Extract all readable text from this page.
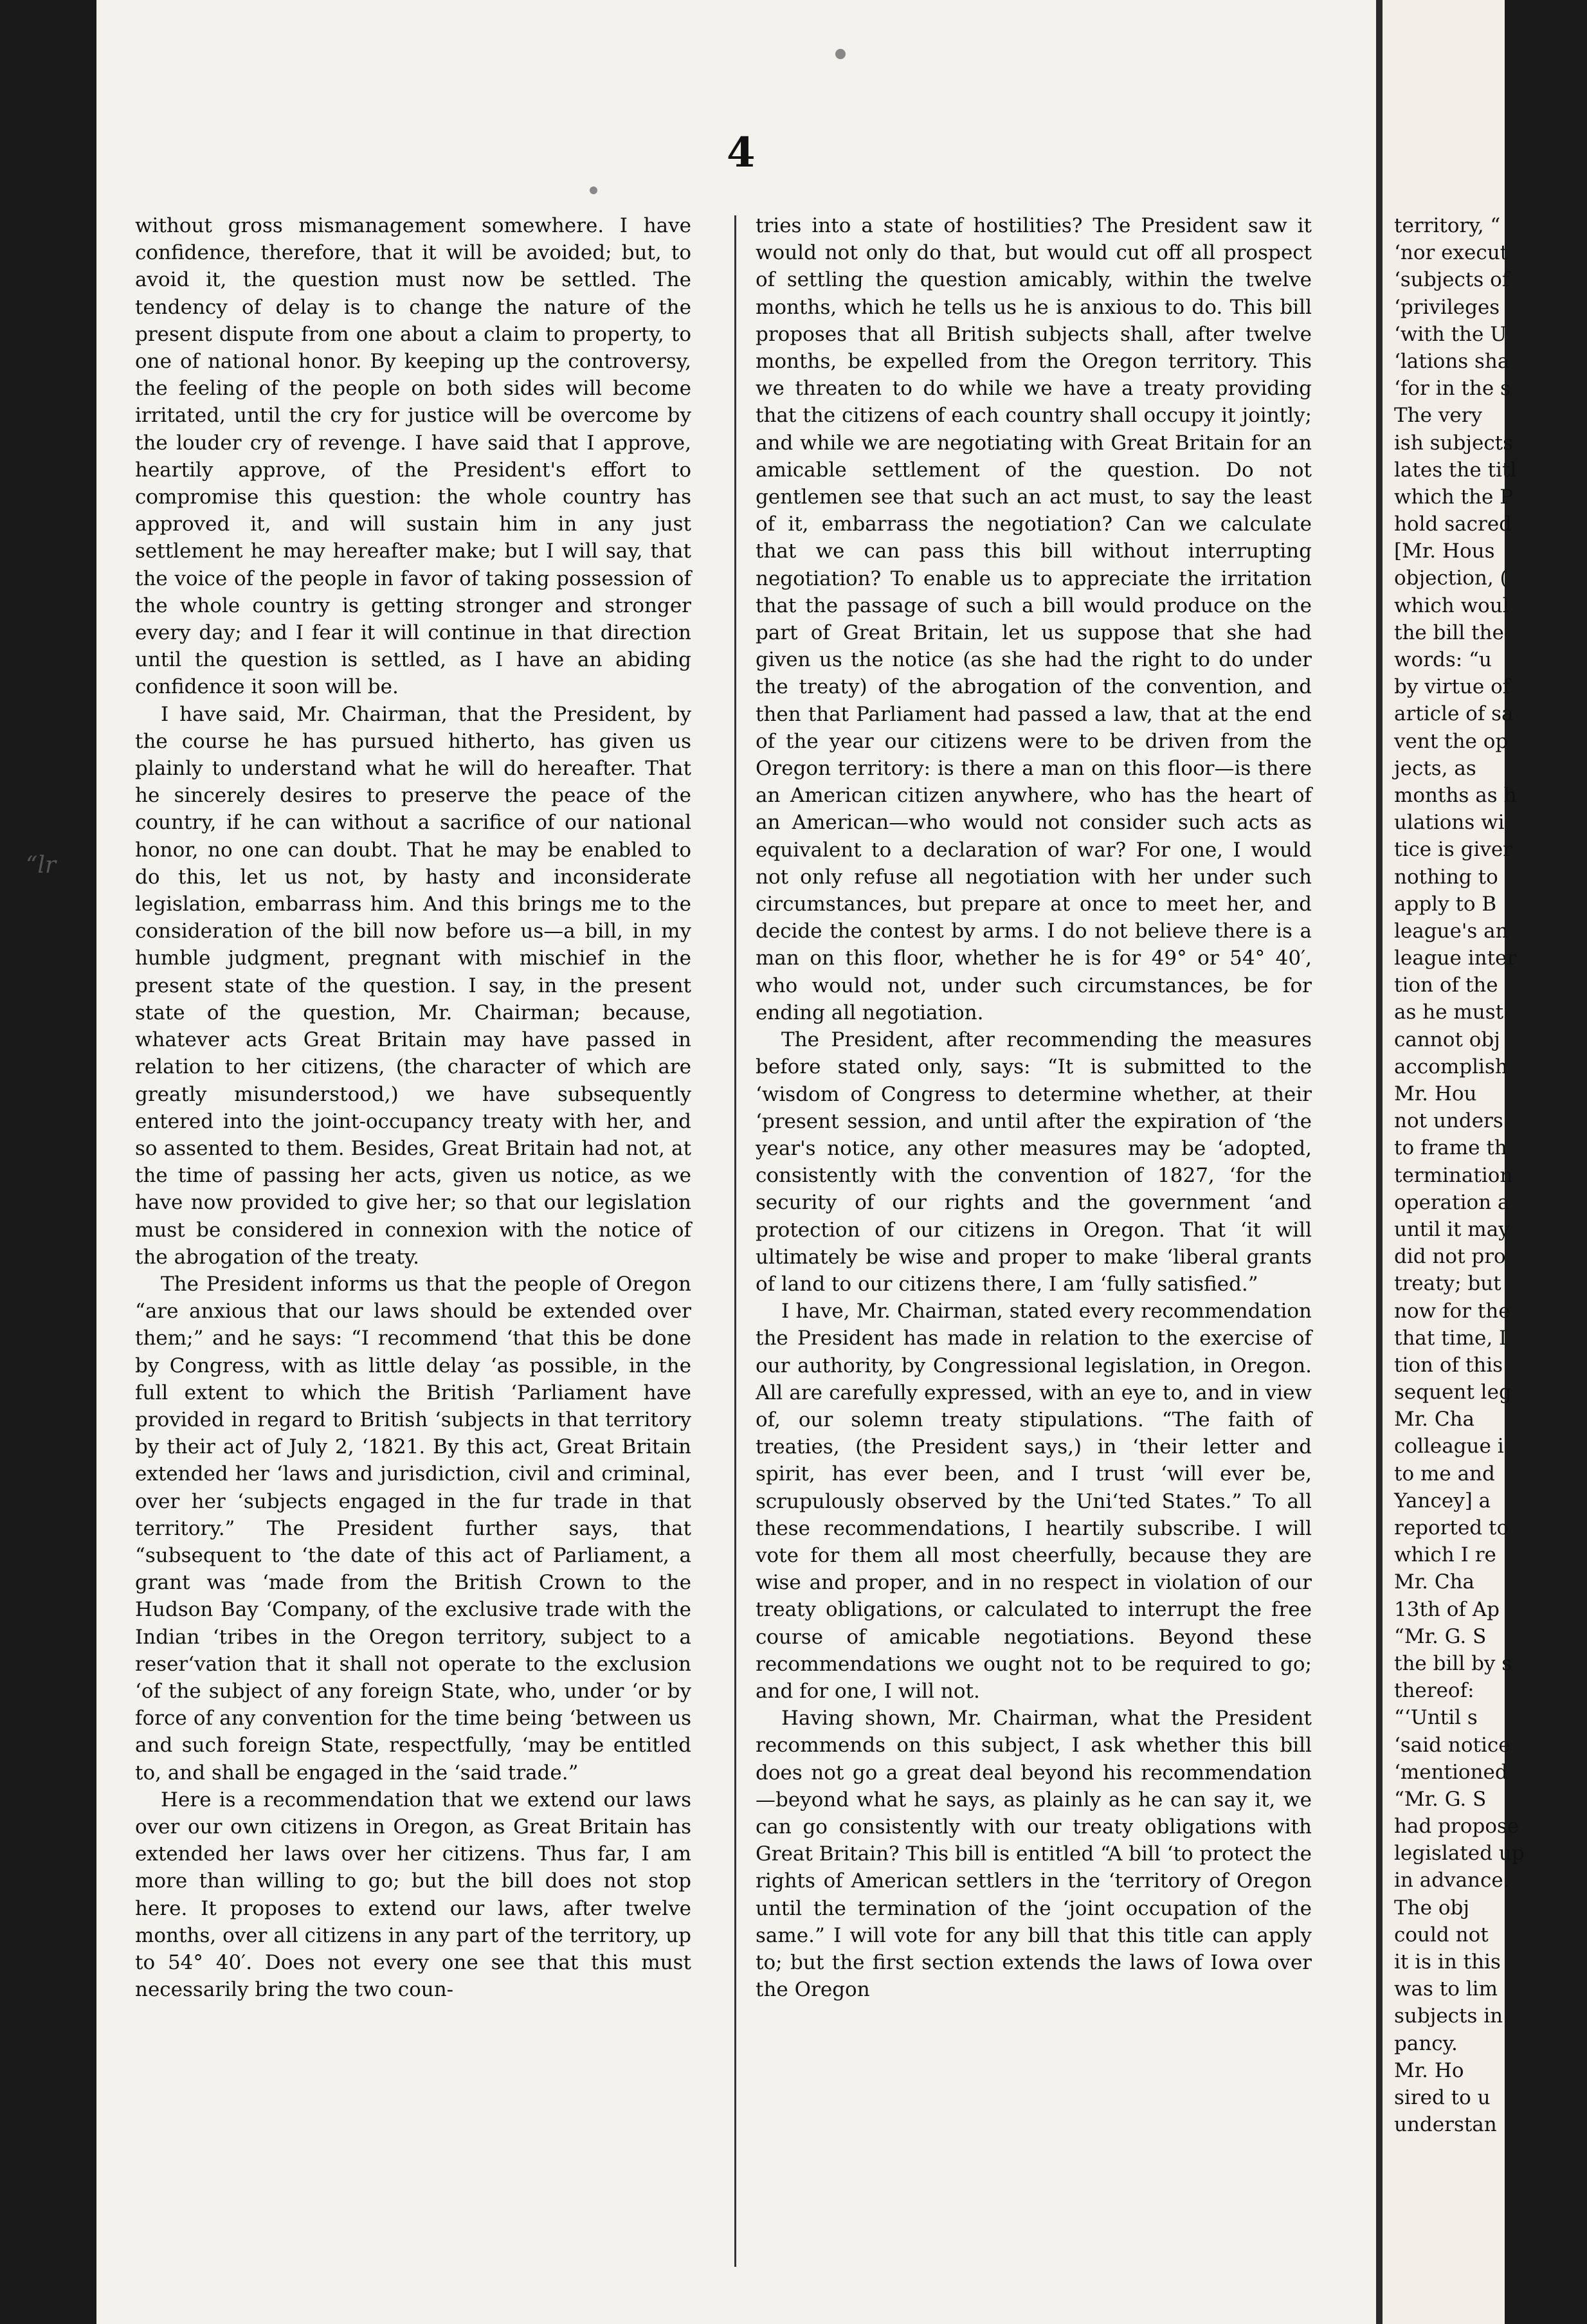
“lr
4

without gross mismanagement somewhere. I have confidence, therefore, that it will be avoided; but, to avoid it, the question must now be settled. The tendency of delay is to change the nature of the present dispute from one about a claim to property, to one of national honor. By keeping up the controversy, the feeling of the people on both sides will become irritated, until the cry for justice will be overcome by the louder cry of revenge. I have said that I approve, heartily approve, of the President's effort to compromise this question: the whole country has approved it, and will sustain him in any just settlement he may hereafter make; but I will say, that the voice of the people in favor of taking possession of the whole country is getting stronger and stronger every day; and I fear it will continue in that direction until the question is settled, as I have an abiding confidence it soon will be.

I have said, Mr. Chairman, that the President, by the course he has pursued hitherto, has given us plainly to understand what he will do hereafter. That he sincerely desires to preserve the peace of the country, if he can without a sacrifice of our national honor, no one can doubt. That he may be enabled to do this, let us not, by hasty and inconsiderate legislation, embarrass him. And this brings me to the consideration of the bill now before us—a bill, in my humble judgment, pregnant with mischief in the present state of the question. I say, in the present state of the question, Mr. Chairman; because, whatever acts Great Britain may have passed in relation to her citizens, (the character of which are greatly misunderstood,) we have subsequently entered into the joint-occupancy treaty with her, and so assented to them. Besides, Great Britain had not, at the time of passing her acts, given us notice, as we have now provided to give her; so that our legislation must be considered in connexion with the notice of the abrogation of the treaty.

The President informs us that the people of Oregon “are anxious that our laws should be extended over them;” and he says: “I recommend ‘that this be done by Congress, with as little delay ‘as possible, in the full extent to which the British ‘Parliament have provided in regard to British ‘subjects in that territory by their act of July 2, ‘1821. By this act, Great Britain extended her ‘laws and jurisdiction, civil and criminal, over her ‘subjects engaged in the fur trade in that territory.” The President further says, that “subsequent to ‘the date of this act of Parliament, a grant was ‘made from the British Crown to the Hudson Bay ‘Company, of the exclusive trade with the Indian ‘tribes in the Oregon territory, subject to a reser‘vation that it shall not operate to the exclusion ‘of the subject of any foreign State, who, under ‘or by force of any convention for the time being ‘between us and such foreign State, respectfully, ‘may be entitled to, and shall be engaged in the ‘said trade.”

Here is a recommendation that we extend our laws over our own citizens in Oregon, as Great Britain has extended her laws over her citizens. Thus far, I am more than willing to go; but the bill does not stop here. It proposes to extend our laws, after twelve months, over all citizens in any part of the territory, up to 54° 40′. Does not every one see that this must necessarily bring the two coun-

tries into a state of hostilities? The President saw it would not only do that, but would cut off all prospect of settling the question amicably, within the twelve months, which he tells us he is anxious to do. This bill proposes that all British subjects shall, after twelve months, be expelled from the Oregon territory. This we threaten to do while we have a treaty providing that the citizens of each country shall occupy it jointly; and while we are negotiating with Great Britain for an amicable settlement of the question. Do not gentlemen see that such an act must, to say the least of it, embarrass the negotiation? Can we calculate that we can pass this bill without interrupting negotiation? To enable us to appreciate the irritation that the passage of such a bill would produce on the part of Great Britain, let us suppose that she had given us the notice (as she had the right to do under the treaty) of the abrogation of the convention, and then that Parliament had passed a law, that at the end of the year our citizens were to be driven from the Oregon territory: is there a man on this floor—is there an American citizen anywhere, who has the heart of an American—who would not consider such acts as equivalent to a declaration of war? For one, I would not only refuse all negotiation with her under such circumstances, but prepare at once to meet her, and decide the contest by arms. I do not believe there is a man on this floor, whether he is for 49° or 54° 40′, who would not, under such circumstances, be for ending all negotiation.

The President, after recommending the measures before stated only, says: “It is submitted to the ‘wisdom of Congress to determine whether, at their ‘present session, and until after the expiration of ‘the year's notice, any other measures may be ‘adopted, consistently with the convention of 1827, ‘for the security of our rights and the government ‘and protection of our citizens in Oregon. That ‘it will ultimately be wise and proper to make ‘liberal grants of land to our citizens there, I am ‘fully satisfied.”

I have, Mr. Chairman, stated every recommendation the President has made in relation to the exercise of our authority, by Congressional legislation, in Oregon. All are carefully expressed, with an eye to, and in view of, our solemn treaty stipulations. “The faith of treaties, (the President says,) in ‘their letter and spirit, has ever been, and I trust ‘will ever be, scrupulously observed by the Uni‘ted States.” To all these recommendations, I heartily subscribe. I will vote for them all most cheerfully, because they are wise and proper, and in no respect in violation of our treaty obligations, or calculated to interrupt the free course of amicable negotiations. Beyond these recommendations we ought not to be required to go; and for one, I will not.

Having shown, Mr. Chairman, what the President recommends on this subject, I ask whether this bill does not go a great deal beyond his recommendation—beyond what he says, as plainly as he can say it, we can go consistently with our treaty obligations with Great Britain? This bill is entitled “A bill ‘to protect the rights of American settlers in the ‘territory of Oregon until the termination of the ‘joint occupation of the same.” I will vote for any bill that this title can apply to; but the first section extends the laws of Iowa over the Oregon

territory, “
‘nor execut
‘subjects of
‘privileges
‘with the U
‘lations sha
‘for in the s
The very
ish subjects
lates the titl
which the P
hold sacred
[Mr. Hous
objection, (
which woul
the bill the
words: “u
by virtue of
article of sa
vent the op
jects, as
months as h
ulations wi
tice is giver
nothing to
apply to B
league's an
league inter
tion of the
as he must
cannot obj
accomplish
Mr. Hou
not unders
to frame th
termination
operation a
until it may
did not pro
treaty; but
now for the
that time, I
tion of this
sequent leg
Mr. Cha
colleague i
to me and
Yancey] a
reported to
which I re
Mr. Cha
13th of Ap
“Mr. G. S
the bill by s
thereof:
“‘Until s
‘said notice
‘mentioned
“Mr. G. S
had propose
legislated up
in advance.
The obj
could not
it is in this
was to lim
subjects in
pancy.
Mr. Ho
sired to u
understan
